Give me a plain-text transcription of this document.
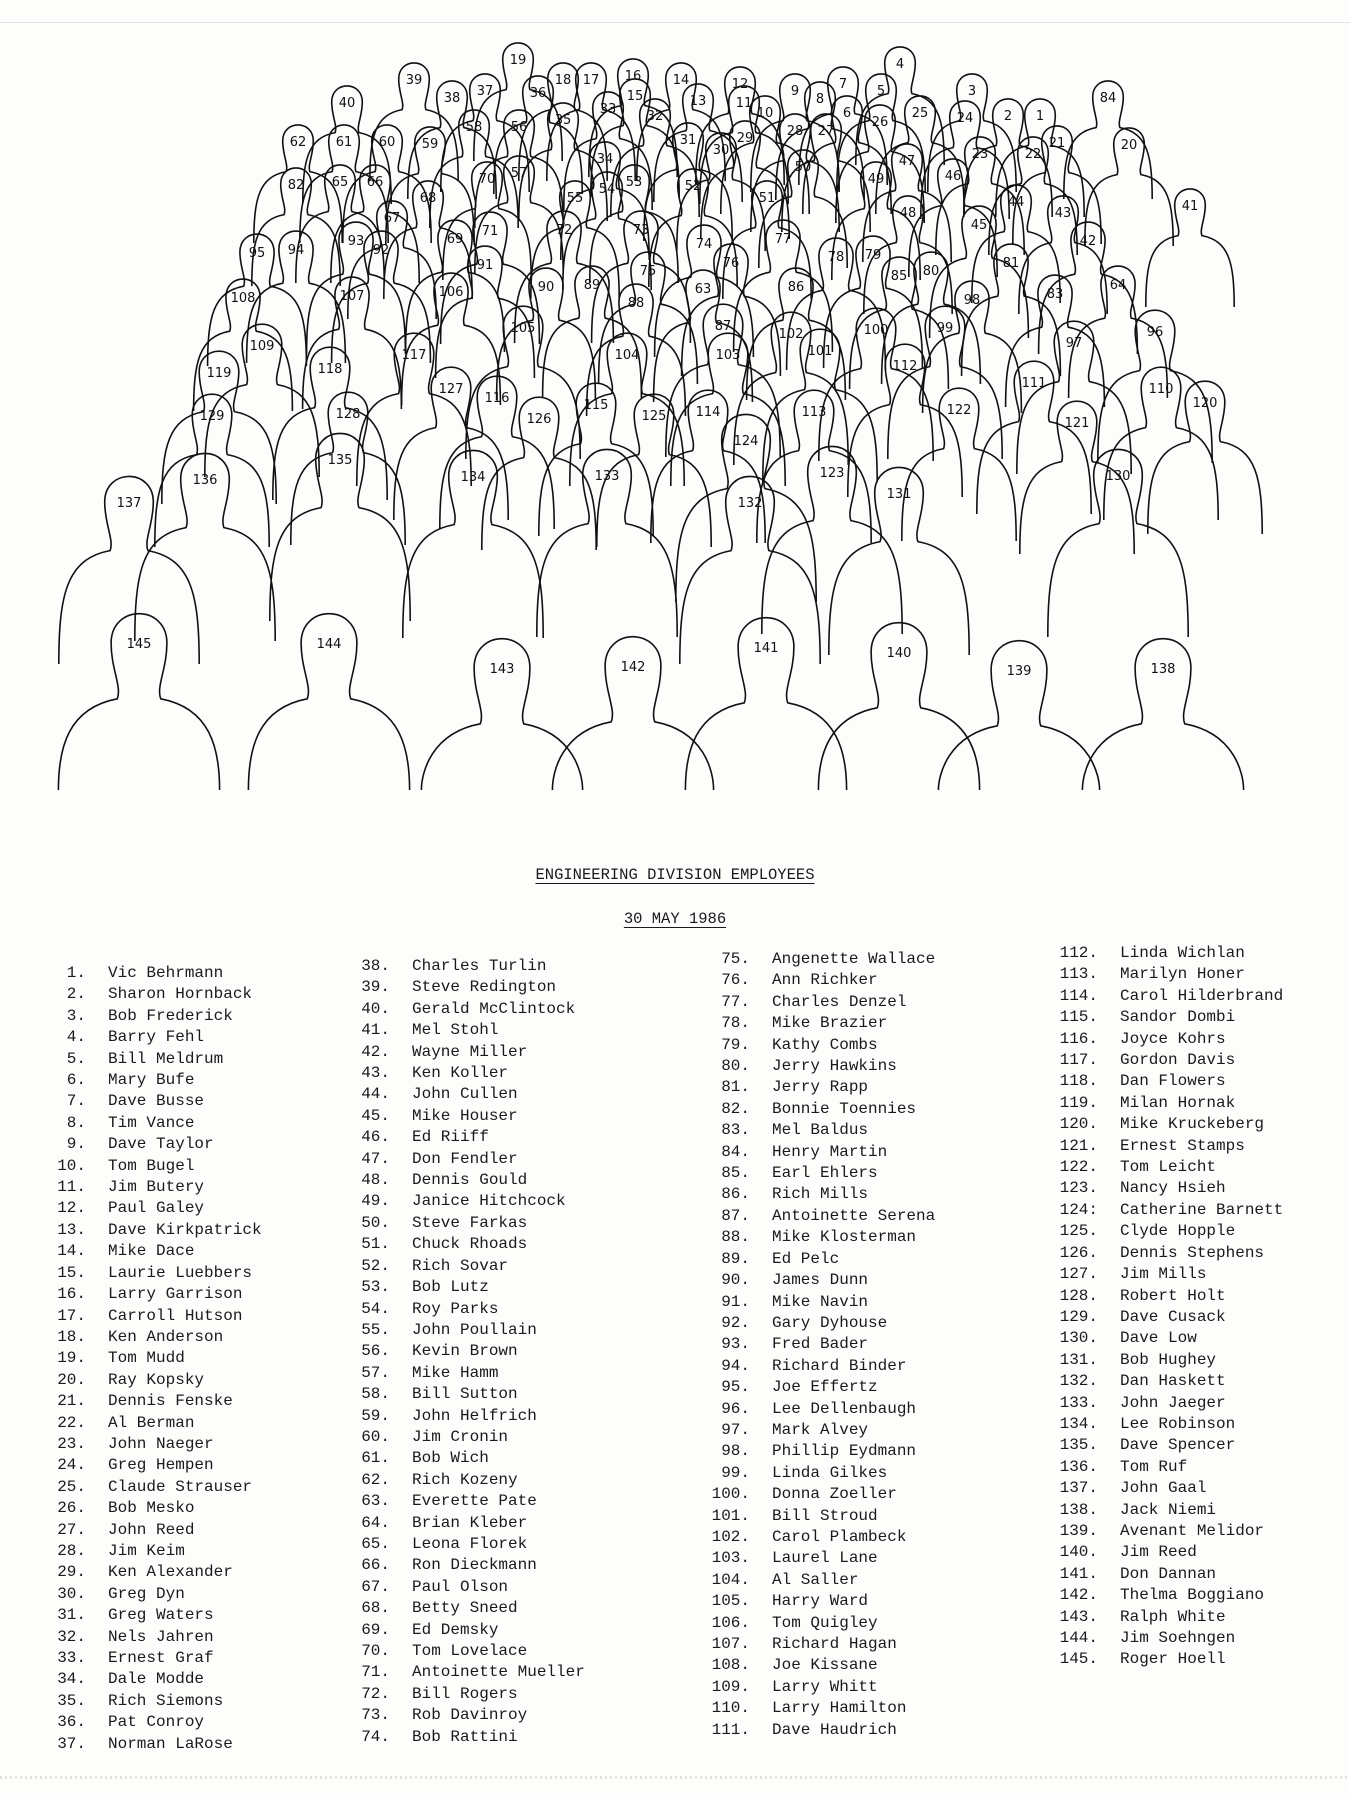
19	4
16 14
17
18
39	7
12	3
5
9
37	36	15
38	84
8
13 11
40	33	6
10	25	1
2
32	24
35	26
56
58	27
28
29
31
60
61
62	21
59	20
30	22
23
34	47
50
57	46
49
70	53
65 66
82	52
54
51
55
68	44	41
43
48
67	45
72	73
71
69	77	42
93	74
92
94
95	79
78
76	81
91	75	80
85
64
89	86
90	63
106	83
107
108	98
88
87	99
105	100	96
102
97
109	101
103
104
117
112
118
119
111	110
127
116	120
115	122
113
114
128	125
129	126	121
124
135
123	130
133
134
136
131
132
137
144
145	141	140
142	138
143	139
ENGINEERING DIVISION EMPLOYEES
30 MAY 1986
1.	Vic Behrmann
2.	Sharon Hornback
3.	Bob Frederick
4.	Barry Fehl
5.	Bill Meldrum
6.	Mary Bufe
7.	Dave Busse
8.	Tim Vance
9.	Dave Taylor
10.	Tom Bugel
11.	Jim Butery
12.	Paul Galey
13.	Dave Kirkpatrick
14.	Mike Dace
15.	Laurie Luebbers
16.	Larry Garrison
17.	Carroll Hutson
18.	Ken Anderson
19.	Tom Mudd
20.	Ray Kopsky
21.	Dennis Fenske
22.	Al Berman
23.	John Naeger
24.	Greg Hempen
25.	Claude Strauser
26.	Bob Mesko
27.	John Reed
28.	Jim Keim
29.	Ken Alexander
30.	Greg Dyn
31.	Greg Waters
32.	Nels Jahren
33.	Ernest Graf
34.	Dale Modde
35.	Rich Siemons
36.	Pat Conroy
37.	Norman LaRose
38.	Charles Turlin
39.	Steve Redington
40.	Gerald McClintock
41.	Mel Stohl
42.	Wayne Miller
43.	Ken Koller
44.	John Cullen
45.	Mike Houser
46.	Ed Riiff
47.	Don Fendler
48.	Dennis Gould
49.	Janice Hitchcock
50.	Steve Farkas
51.	Chuck Rhoads
52.	Rich Sovar
53.	Bob Lutz
54.	Roy Parks
55.	John Poullain
56.	Kevin Brown
57.	Mike Hamm
58.	Bill Sutton
59.	John Helfrich
60.	Jim Cronin
61.	Bob Wich
62.	Rich Kozeny
63.	Everette Pate
64.	Brian Kleber
65.	Leona Florek
66.	Ron Dieckmann
67.	Paul Olson
68.	Betty Sneed
69.	Ed Demsky
70.	Tom Lovelace
71.	Antoinette Mueller
72.	Bill Rogers
73.	Rob Davinroy
74.	Bob Rattini
75.	Angenette Wallace
76.	Ann Richker
77.	Charles Denzel
78.	Mike Brazier
79.	Kathy Combs
80.	Jerry Hawkins
81.	Jerry Rapp
82.	Bonnie Toennies
83.	Mel Baldus
84.	Henry Martin
85.	Earl Ehlers
86.	Rich Mills
87.	Antoinette Serena
88.	Mike Klosterman
89.	Ed Pelc
90.	James Dunn
91.	Mike Navin
92.	Gary Dyhouse
93.	Fred Bader
94.	Richard Binder
95.	Joe Effertz
96.	Lee Dellenbaugh
97.	Mark Alvey
98.	Phillip Eydmann
99.	Linda Gilkes
100.	Donna Zoeller
101.	Bill Stroud
102.	Carol Plambeck
103.	Laurel Lane
104.	Al Saller
105.	Harry Ward
106.	Tom Quigley
107.	Richard Hagan
108.	Joe Kissane
109.	Larry Whitt
110.	Larry Hamilton
111.	Dave Haudrich
112.	Linda Wichlan
113.	Marilyn Honer
114.	Carol Hilderbrand
115.	Sandor Dombi
116.	Joyce Kohrs
117.	Gordon Davis
118.	Dan Flowers
119.	Milan Hornak
120.	Mike Kruckeberg
121.	Ernest Stamps
122.	Tom Leicht
123.	Nancy Hsieh
124:	Catherine Barnett
125.	Clyde Hopple
126.	Dennis Stephens
127.	Jim Mills
128.	Robert Holt
129.	Dave Cusack
130.	Dave Low
131.	Bob Hughey
132.	Dan Haskett
133.	John Jaeger
134.	Lee Robinson
135.	Dave Spencer
136.	Tom Ruf
137.	John Gaal
138.	Jack Niemi
139.	Avenant Melidor
140.	Jim Reed
141.	Don Dannan
142.	Thelma Boggiano
143.	Ralph White
144.	Jim Soehngen
145.	Roger Hoell
